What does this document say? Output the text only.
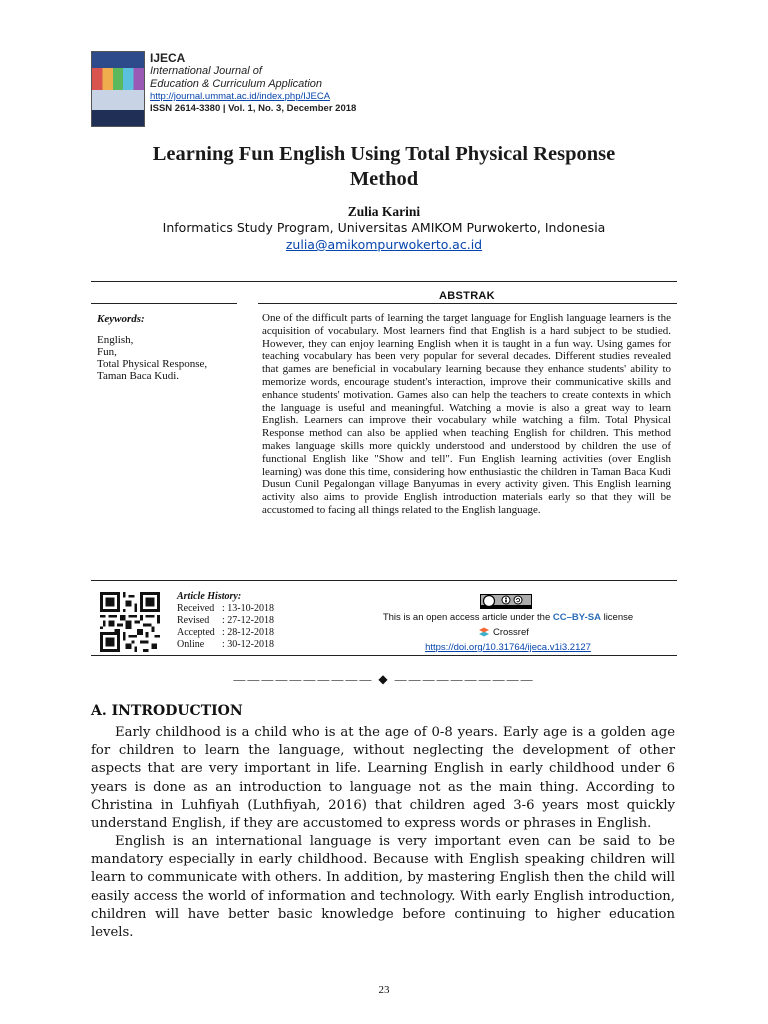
IJECA
International Journal of
Education & Curriculum Application
http://journal.ummat.ac.id/index.php/IJECA
ISSN 2614-3380 | Vol. 1, No. 3, December 2018
Learning Fun English Using Total Physical Response
Method
Zulia Karini
Informatics Study Program, Universitas AMIKOM Purwokerto, Indonesia
zulia@amikompurwokerto.ac.id
ABSTRAK
Keywords:
English,
Fun,
Total Physical Response,
Taman Baca Kudi.
One of the difficult parts of learning the target language for English language learners is the acquisition of vocabulary. Most learners find that English is a hard subject to be studied. However, they can enjoy learning English when it is taught in a fun way. Using games for teaching vocabulary has been very popular for several decades. Different studies revealed that games are beneficial in vocabulary learning because they enhance students' ability to memorize words, encourage student's interaction, improve their communicative skills and enhance students' motivation. Games also can help the teachers to create contexts in which the language is useful and meaningful. Watching a movie is also a great way to learn English. Learners can improve their vocabulary while watching a film. Total Physical Response method can also be applied when teaching English for children. This method makes language skills more quickly understood and understood by children the use of functional English like "Show and tell". Fun English learning activities (over English learning) was done this time, considering how enthusiastic the children in Taman Baca Kudi Dusun Cunil Pegalongan village Banyumas in every activity given. This English learning activity also aims to provide English introduction materials early so that they will be accustomed to facing all things related to the English language.
Article History:
Received : 13-10-2018
Revised : 27-12-2018
Accepted : 28-12-2018
Online : 30-12-2018
This is an open access article under the CC–BY-SA license
Crossref
https://doi.org/10.31764/ijeca.v1i3.2127
—————————— ◆ ——————————
A. INTRODUCTION
Early childhood is a child who is at the age of 0-8 years. Early age is a golden age for children to learn the language, without neglecting the development of other aspects that are very important in life. Learning English in early childhood under 6 years is done as an introduction to language not as the main thing. According to Christina in Luhfiyah (Luthfiyah, 2016) that children aged 3-6 years most quickly understand English, if they are accustomed to express words or phrases in English.
English is an international language is very important even can be said to be mandatory especially in early childhood. Because with English speaking children will learn to communicate with others. In addition, by mastering English then the child will easily access the world of information and technology. With early English introduction, children will have better basic knowledge before continuing to higher education levels.
23
